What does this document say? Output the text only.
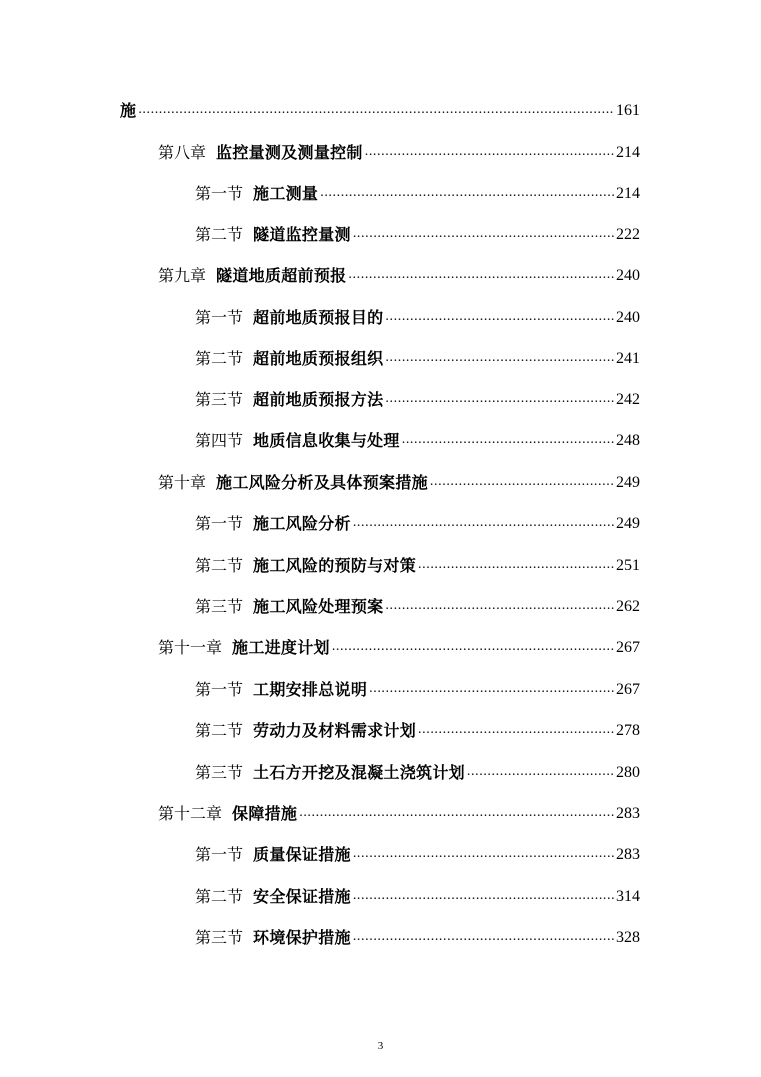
施 .....	161
第八章 监控量测及测量控制 .....	214
第一节 施工测量 .....	214
第二节 隧道监控量测 .....	222
第九章 隧道地质超前预报 .....	240
第一节 超前地质预报目的 .....	240
第二节 超前地质预报组织 .....	241
第三节 超前地质预报方法 .....	242
第四节 地质信息收集与处理 .....	248
第十章 施工风险分析及具体预案措施 .....	249
第一节 施工风险分析 .....	249
第二节 施工风险的预防与对策 .....	251
第三节 施工风险处理预案 .....	262
第十一章 施工进度计划 .....	267
第一节 工期安排总说明 .....	267
第二节 劳动力及材料需求计划 .....	278
第三节 土石方开挖及混凝土浇筑计划 .....	280
第十二章 保障措施 .....	283
第一节 质量保证措施 .....	283
第二节 安全保证措施 .....	314
第三节 环境保护措施 .....	328
3
